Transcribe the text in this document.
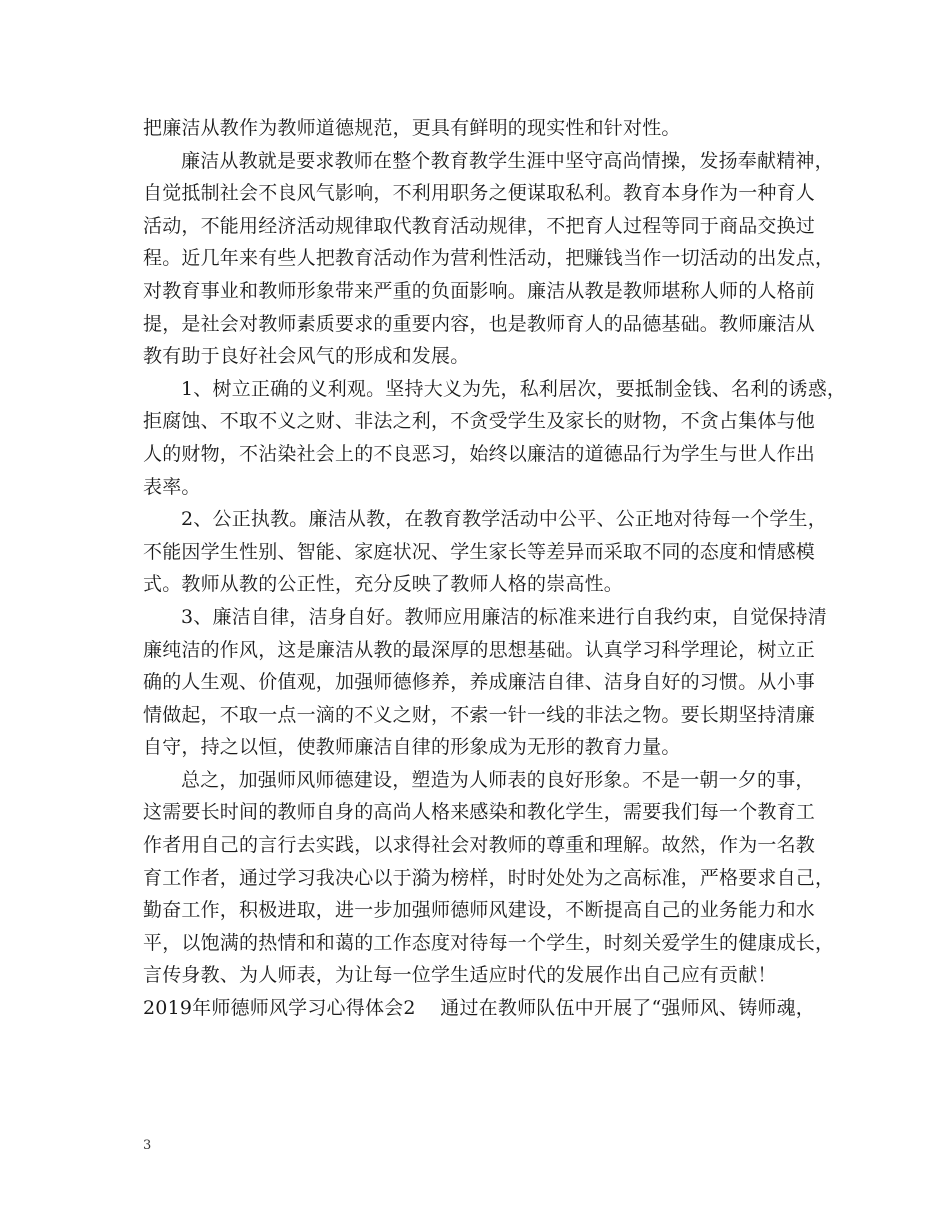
把廉洁从教作为教师道德规范，更具有鲜明的现实性和针对性。
廉洁从教就是要求教师在整个教育教学生涯中坚守高尚情操，发扬奉献精神，
自觉抵制社会不良风气影响，不利用职务之便谋取私利。教育本身作为一种育人
活动，不能用经济活动规律取代教育活动规律，不把育人过程等同于商品交换过
程。近几年来有些人把教育活动作为营利性活动，把赚钱当作一切活动的出发点，
对教育事业和教师形象带来严重的负面影响。廉洁从教是教师堪称人师的人格前
提，是社会对教师素质要求的重要内容，也是教师育人的品德基础。教师廉洁从
教有助于良好社会风气的形成和发展。
1、树立正确的义利观。坚持大义为先，私利居次，要抵制金钱、名利的诱惑，
拒腐蚀、不取不义之财、非法之利，不贪受学生及家长的财物，不贪占集体与他
人的财物，不沾染社会上的不良恶习，始终以廉洁的道德品行为学生与世人作出
表率。
2、公正执教。廉洁从教，在教育教学活动中公平、公正地对待每一个学生，
不能因学生性别、智能、家庭状况、学生家长等差异而采取不同的态度和情感模
式。教师从教的公正性，充分反映了教师人格的崇高性。
3、廉洁自律，洁身自好。教师应用廉洁的标准来进行自我约束，自觉保持清
廉纯洁的作风，这是廉洁从教的最深厚的思想基础。认真学习科学理论，树立正
确的人生观、价值观，加强师德修养，养成廉洁自律、洁身自好的习惯。从小事
情做起，不取一点一滴的不义之财，不索一针一线的非法之物。要长期坚持清廉
自守，持之以恒，使教师廉洁自律的形象成为无形的教育力量。
总之，加强师风师德建设，塑造为人师表的良好形象。不是一朝一夕的事，
这需要长时间的教师自身的高尚人格来感染和教化学生，需要我们每一个教育工
作者用自己的言行去实践，以求得社会对教师的尊重和理解。故然，作为一名教
育工作者，通过学习我决心以于漪为榜样，时时处处为之高标准，严格要求自己，
勤奋工作，积极进取，进一步加强师德师风建设，不断提高自己的业务能力和水
平，以饱满的热情和和蔼的工作态度对待每一个学生，时刻关爱学生的健康成长，
言传身教、为人师表，为让每一位学生适应时代的发展作出自己应有贡献！
2019年师德师风学习心得体会2 通过在教师队伍中开展了“强师风、铸师魂，
3
